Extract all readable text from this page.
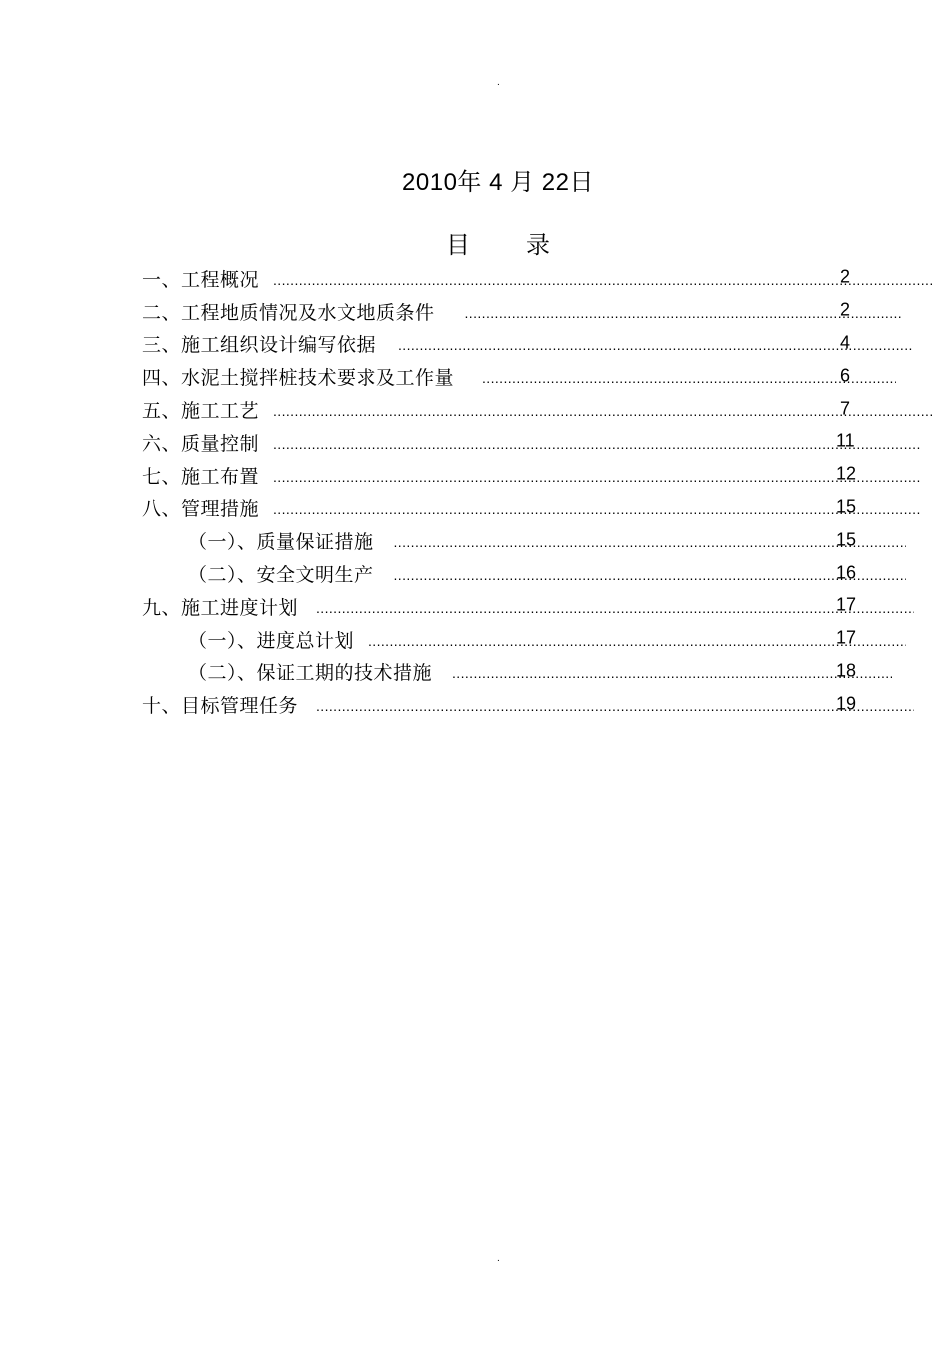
.
2010年 4 月 22日
目录
一、工程概况 .....	2
二、工程地质情况及水文地质条件 .....	2
三、施工组织设计编写依据 .....	4
四、水泥土搅拌桩技术要求及工作量 .....	6
五、施工工艺 .....	7
六、质量控制 .....	11
七、施工布置 .....	12
八、管理措施 .....	15
（一）、质量保证措施 .....	15
（二）、安全文明生产 .....	16
九、施工进度计划 .....	17
（一）、进度总计划 .....	17
（二）、保证工期的技术措施 .....	18
十、目标管理任务 .....	19
.
